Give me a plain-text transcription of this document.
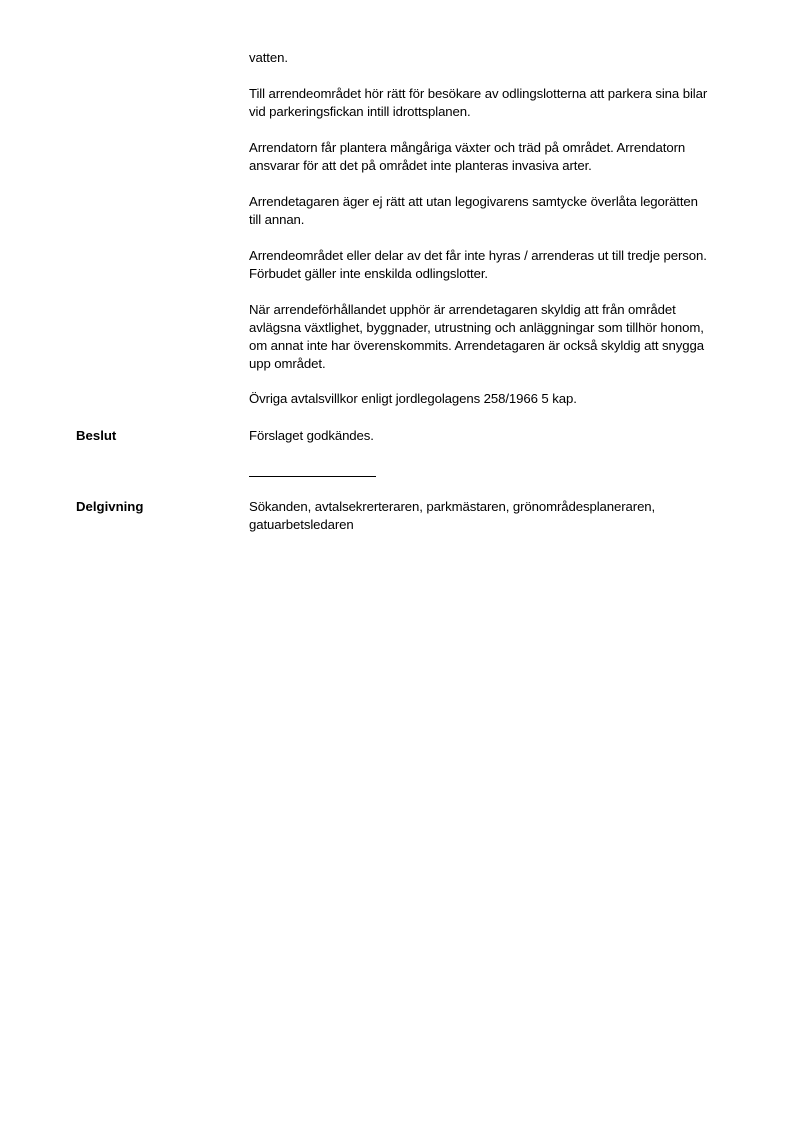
vatten.

Till arrendeområdet hör rätt för besökare av odlingslotterna att parkera sina bilar
vid parkeringsfickan intill idrottsplanen.

Arrendatorn får plantera mångåriga växter och träd på området. Arrendatorn
ansvarar för att det på området inte planteras invasiva arter.

Arrendetagaren äger ej rätt att utan legogivarens samtycke överlåta legorätten
till annan.

Arrendeområdet eller delar av det får inte hyras / arrenderas ut till tredje person.
Förbudet gäller inte enskilda odlingslotter.

När arrendeförhållandet upphör är arrendetagaren skyldig att från området
avlägsna växtlighet, byggnader, utrustning och anläggningar som tillhör honom,
om annat inte har överenskommits. Arrendetagaren är också skyldig att snygga
upp området.

Övriga avtalsvillkor enligt jordlegolagens 258/1966 5 kap.

Beslut	Förslaget godkändes.

Delgivning	Sökanden, avtalsekrerteraren, parkmästaren, grönområdesplaneraren,
gatuarbetsledaren
